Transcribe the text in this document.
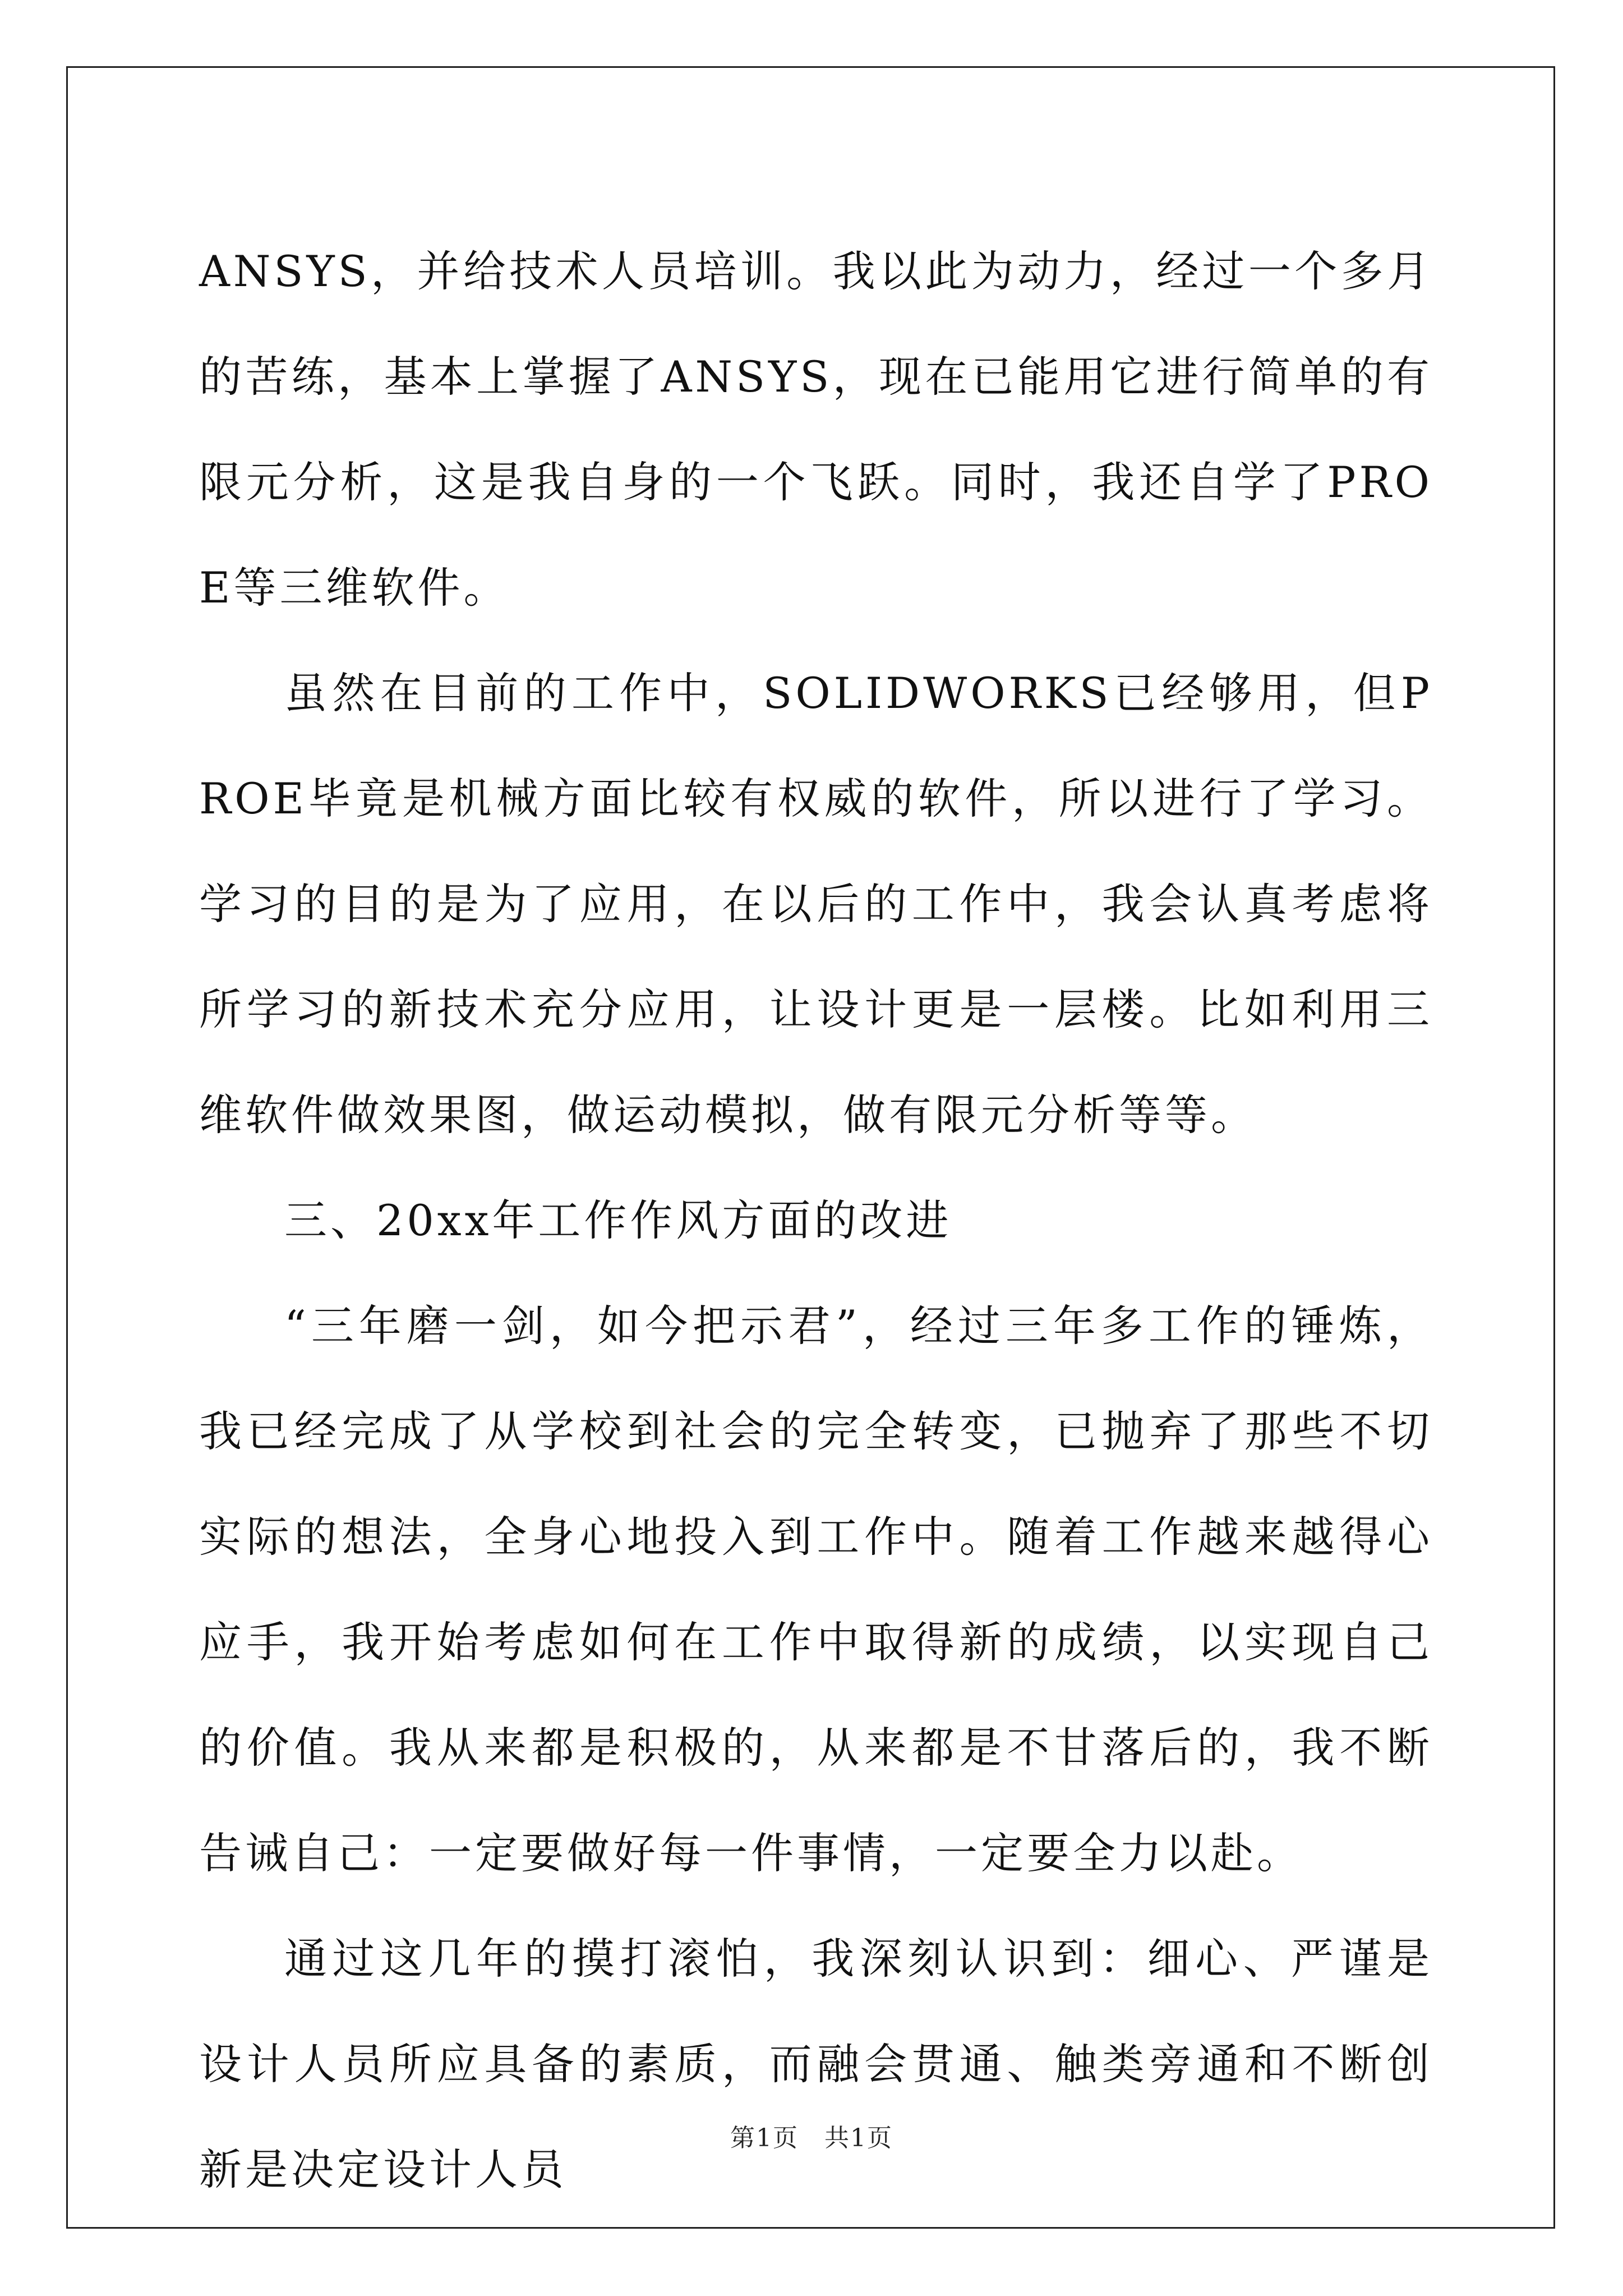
ANSYS，并给技术人员培训。我以此为动力，经过一个多月的苦练，基本上掌握了ANSYS，现在已能用它进行简单的有限元分析，这是我自身的一个飞跃。同时，我还自学了PROE等三维软件。

虽然在目前的工作中，SOLIDWORKS已经够用，但PROE毕竟是机械方面比较有权威的软件，所以进行了学习。学习的目的是为了应用，在以后的工作中，我会认真考虑将所学习的新技术充分应用，让设计更是一层楼。比如利用三维软件做效果图，做运动模拟，做有限元分析等等。

三、20xx年工作作风方面的改进

“三年磨一剑，如今把示君”，经过三年多工作的锤炼，我已经完成了从学校到社会的完全转变，已抛弃了那些不切实际的想法，全身心地投入到工作中。随着工作越来越得心应手，我开始考虑如何在工作中取得新的成绩，以实现自己的价值。我从来都是积极的，从来都是不甘落后的，我不断告诫自己：一定要做好每一件事情，一定要全力以赴。

通过这几年的摸打滚怕，我深刻认识到：细心、严谨是设计人员所应具备的素质，而融会贯通、触类旁通和不断创新是决定设计人员

第1页　共1页
